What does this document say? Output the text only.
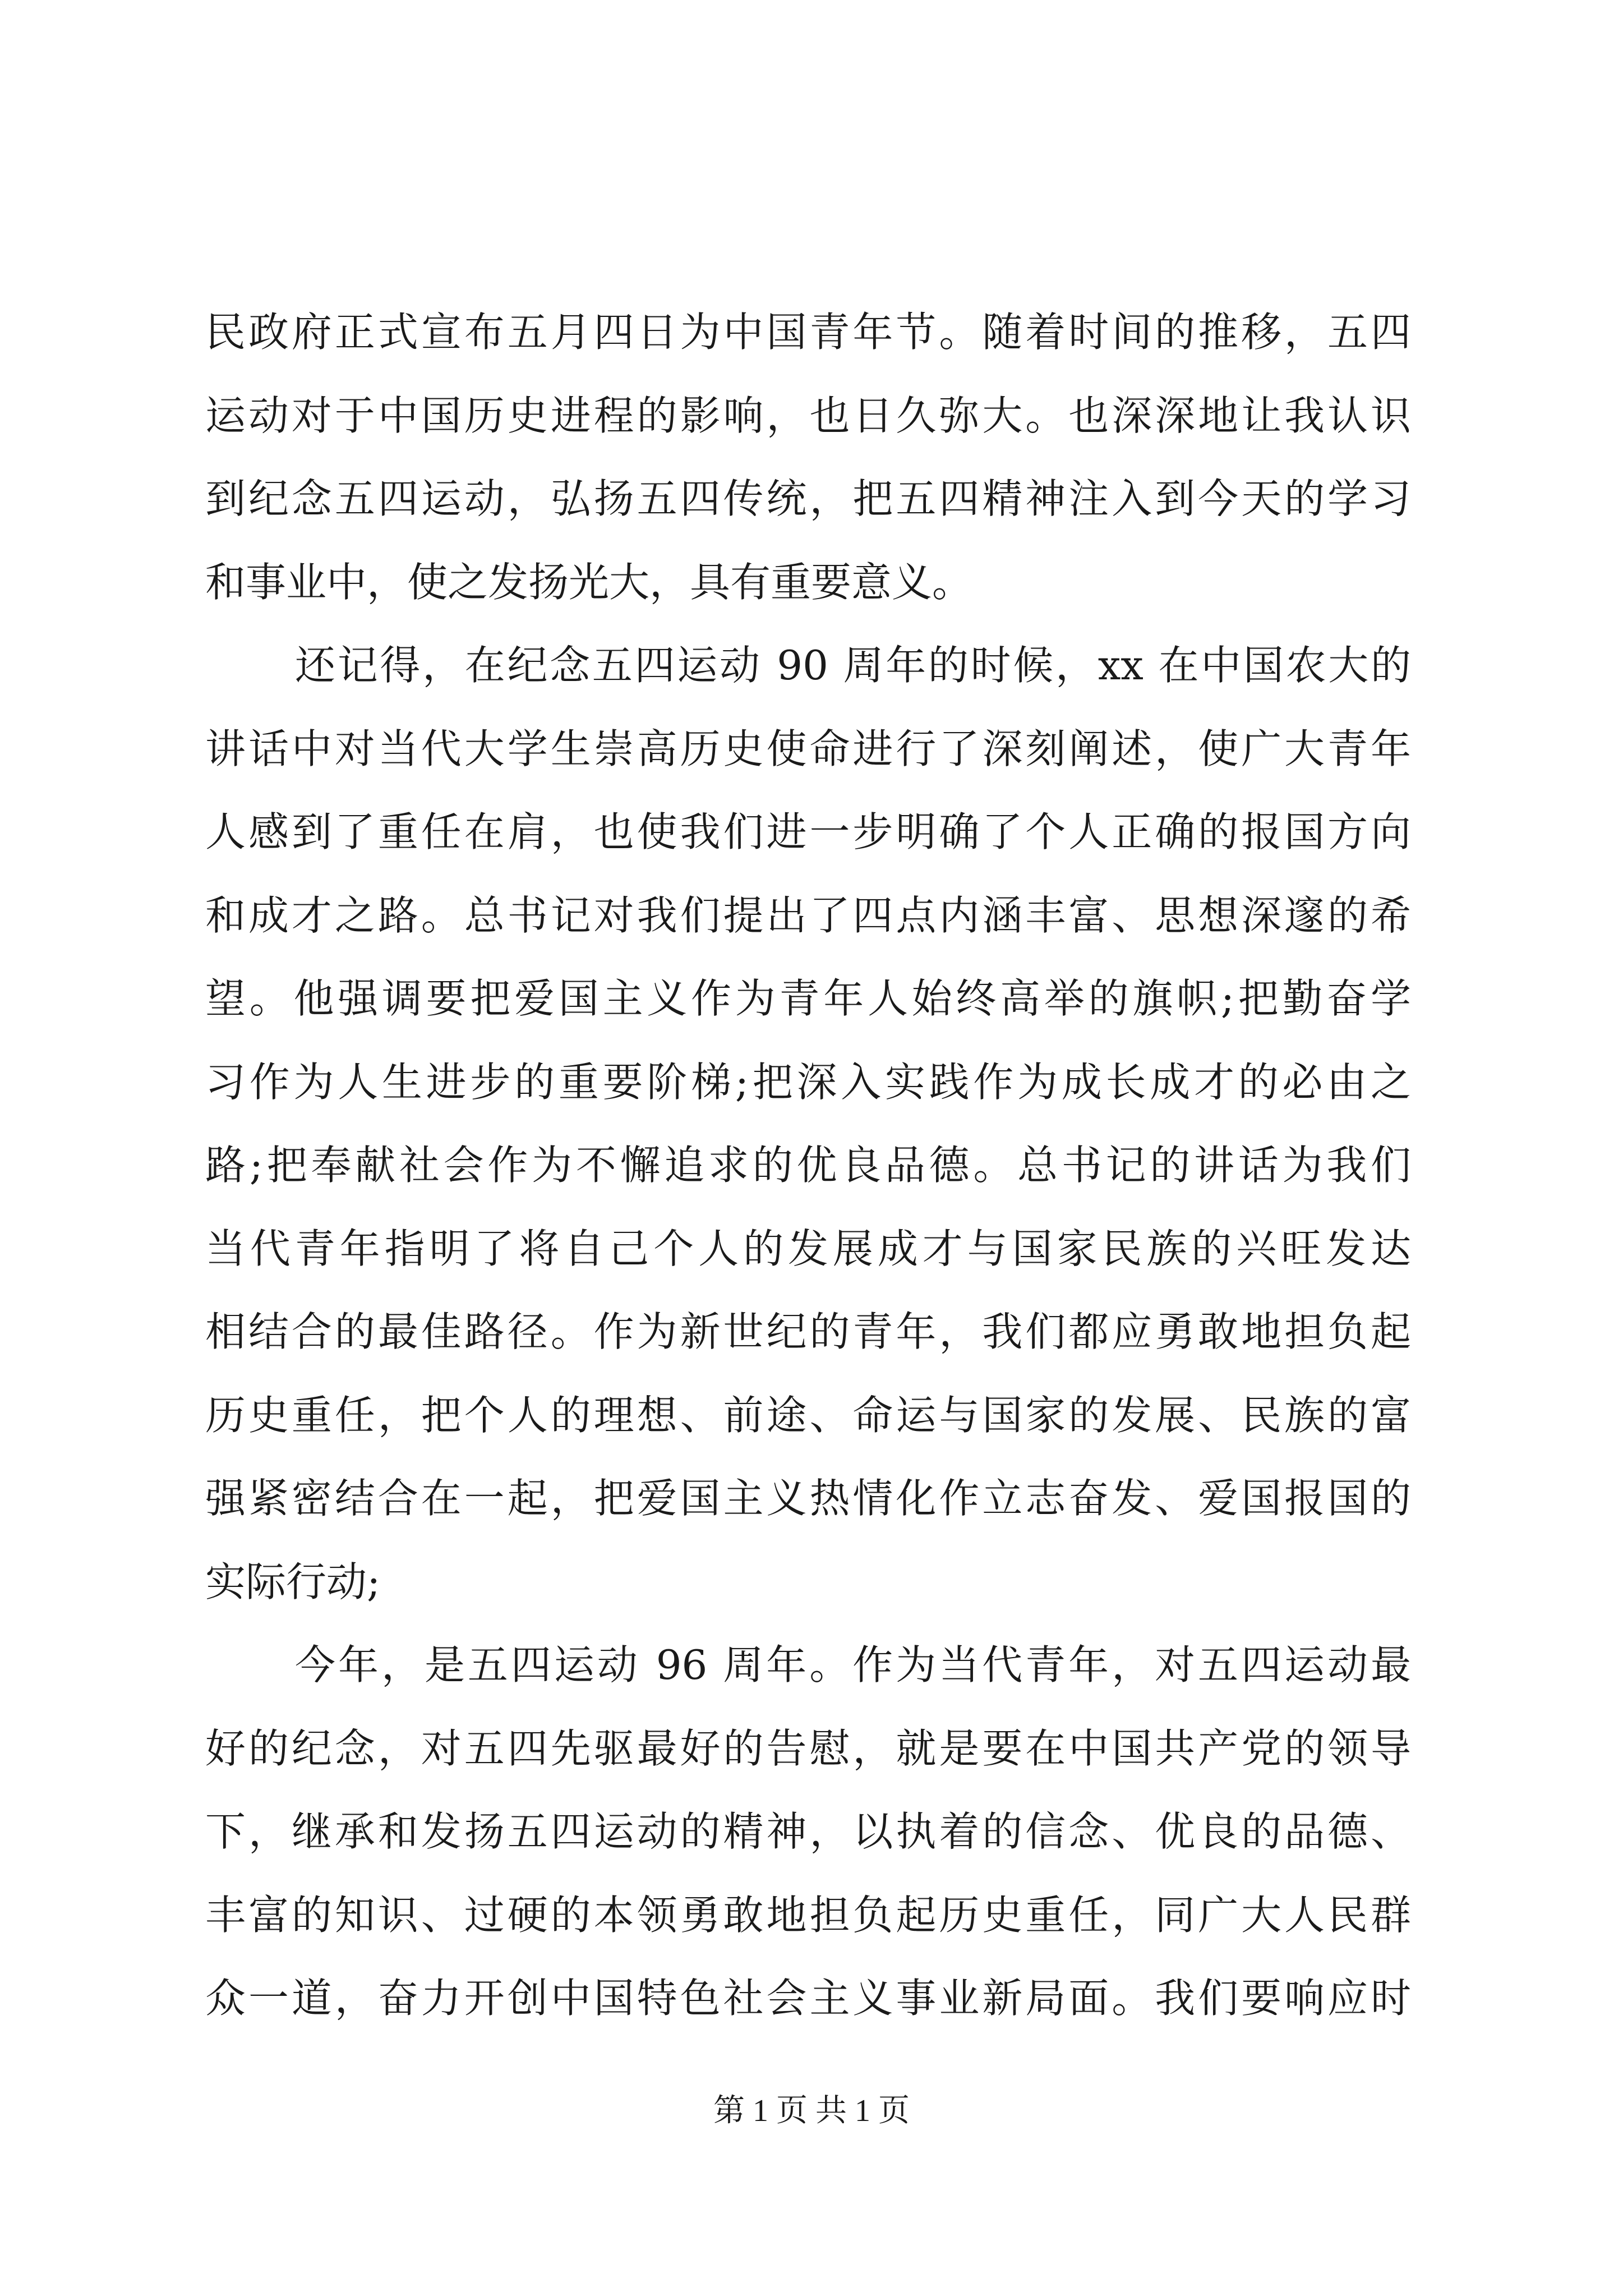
民政府正式宣布五月四日为中国青年节。随着时间的推移，五四
运动对于中国历史进程的影响，也日久弥大。也深深地让我认识
到纪念五四运动，弘扬五四传统，把五四精神注入到今天的学习
和事业中，使之发扬光大，具有重要意义。
还记得，在纪念五四运动 90 周年的时候，xx 在中国农大的
讲话中对当代大学生崇高历史使命进行了深刻阐述，使广大青年
人感到了重任在肩，也使我们进一步明确了个人正确的报国方向
和成才之路。总书记对我们提出了四点内涵丰富、思想深邃的希
望。他强调要把爱国主义作为青年人始终高举的旗帜;把勤奋学
习作为人生进步的重要阶梯;把深入实践作为成长成才的必由之
路;把奉献社会作为不懈追求的优良品德。总书记的讲话为我们
当代青年指明了将自己个人的发展成才与国家民族的兴旺发达
相结合的最佳路径。作为新世纪的青年，我们都应勇敢地担负起
历史重任，把个人的理想、前途、命运与国家的发展、民族的富
强紧密结合在一起，把爱国主义热情化作立志奋发、爱国报国的
实际行动;
今年，是五四运动 96 周年。作为当代青年，对五四运动最
好的纪念，对五四先驱最好的告慰，就是要在中国共产党的领导
下，继承和发扬五四运动的精神，以执着的信念、优良的品德、
丰富的知识、过硬的本领勇敢地担负起历史重任，同广大人民群
众一道，奋力开创中国特色社会主义事业新局面。我们要响应时
第 1 页 共 1 页
